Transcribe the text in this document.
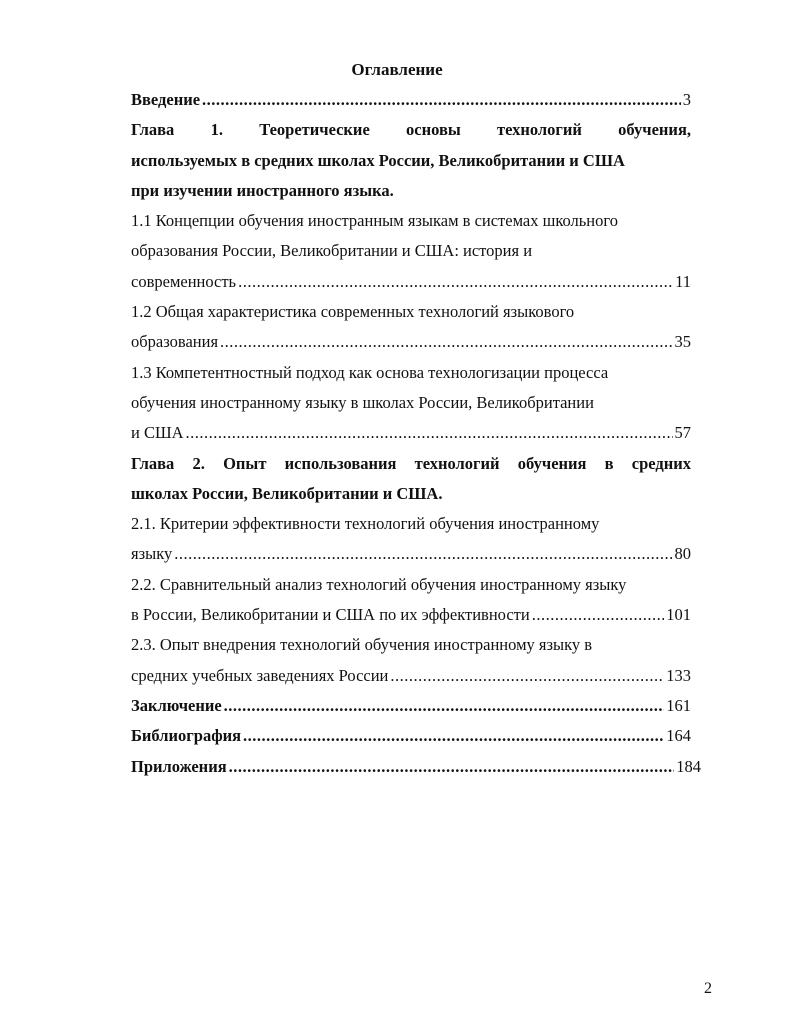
Оглавление
Введение .....	3
Глава 1. Теоретические основы технологий обучения,
используемых в средних школах России, Великобритании и США
при изучении иностранного языка.
1.1 Концепции обучения иностранным языкам в системах школьного
образования России, Великобритании и США: история и
современность .....	11
1.2 Общая характеристика современных технологий языкового
образования .....	35
1.3 Компетентностный подход как основа технологизации процесса
обучения иностранному языку в школах России, Великобритании
и США .....	57
Глава 2. Опыт использования технологий обучения в средних
школах России, Великобритании и США.
2.1. Критерии эффективности технологий обучения иностранному
языку .....	80
2.2. Сравнительный анализ технологий обучения иностранному языку
в России, Великобритании и США по их эффективности .....	101
2.3. Опыт внедрения технологий обучения иностранному языку в
средних учебных заведениях России .....	133
Заключение .....	161
Библиография .....	164
Приложения .....	184
2
